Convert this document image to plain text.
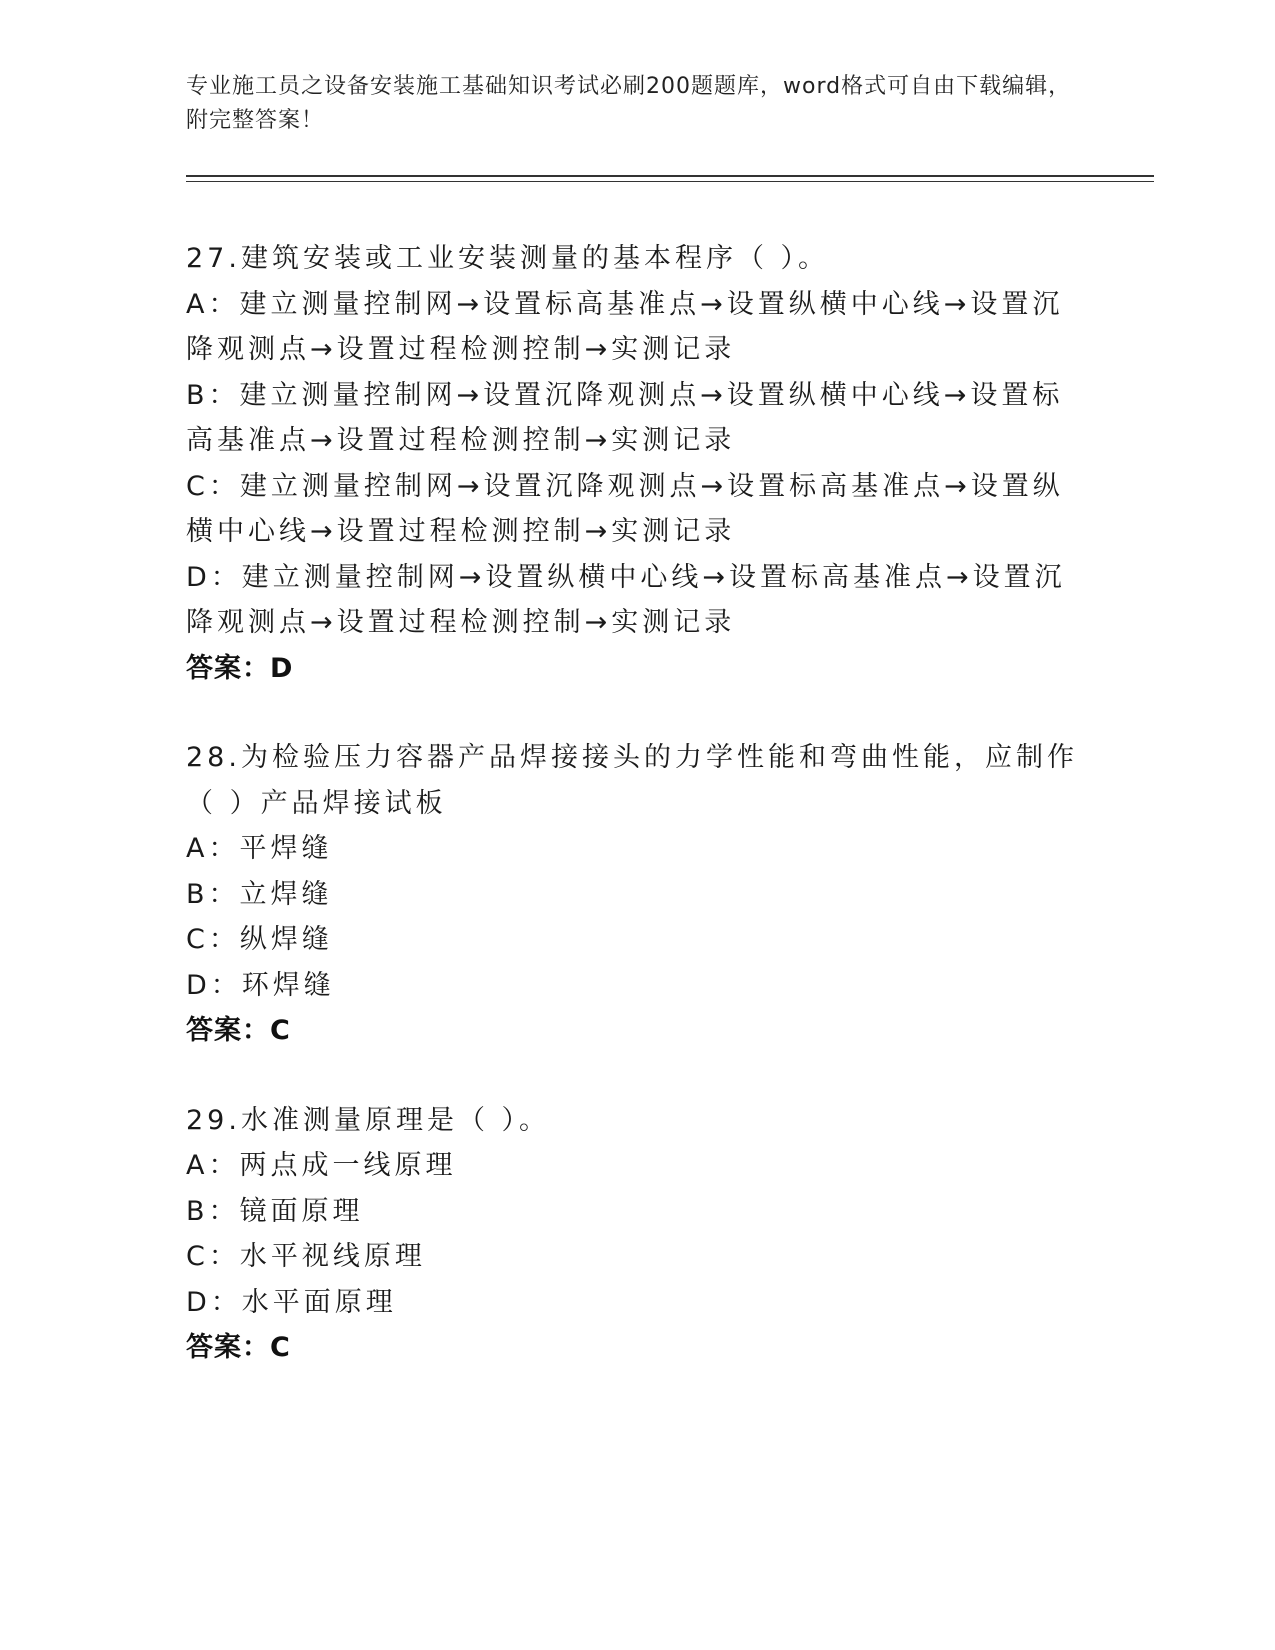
专业施工员之设备安装施工基础知识考试必刷200题题库，word格式可自由下载编辑，附完整答案！
27.建筑安装或工业安装测量的基本程序（ ）。
A：建立测量控制网→设置标高基准点→设置纵横中心线→设置沉降观测点→设置过程检测控制→实测记录
B：建立测量控制网→设置沉降观测点→设置纵横中心线→设置标高基准点→设置过程检测控制→实测记录
C：建立测量控制网→设置沉降观测点→设置标高基准点→设置纵横中心线→设置过程检测控制→实测记录
D：建立测量控制网→设置纵横中心线→设置标高基准点→设置沉降观测点→设置过程检测控制→实测记录
答案：D
28.为检验压力容器产品焊接接头的力学性能和弯曲性能，应制作（ ）产品焊接试板
A：平焊缝
B：立焊缝
C：纵焊缝
D：环焊缝
答案：C
29.水准测量原理是（ ）。
A：两点成一线原理
B：镜面原理
C：水平视线原理
D：水平面原理
答案：C
